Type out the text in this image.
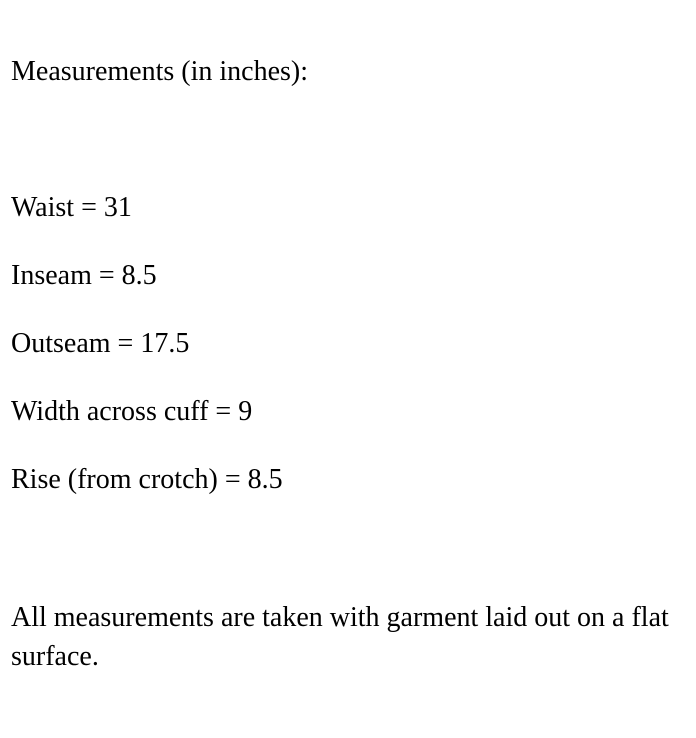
Measurements (in inches):
Waist = 31
Inseam = 8.5
Outseam = 17.5
Width across cuff = 9
Rise (from crotch) = 8.5
All measurements are taken with garment laid out on a flat surface.
